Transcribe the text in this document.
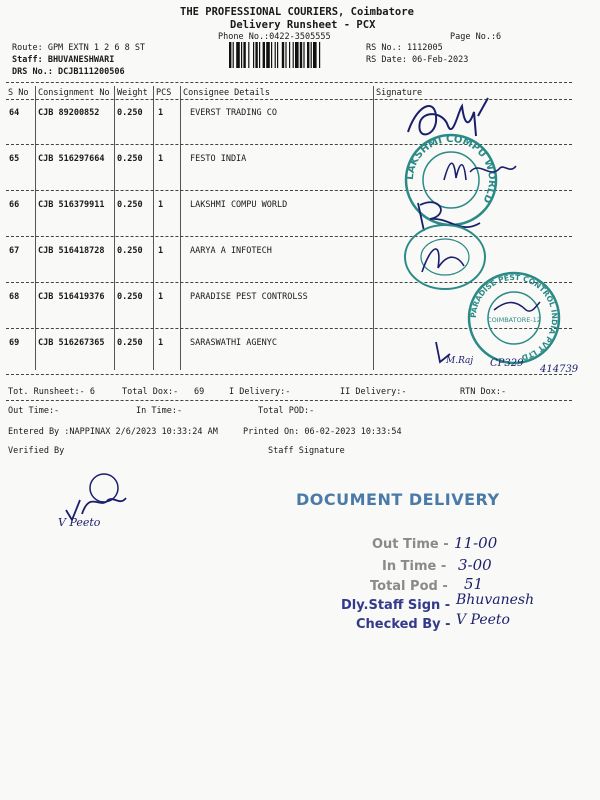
THE PROFESSIONAL COURIERS, Coimbatore
Delivery Runsheet - PCX
Phone No.:0422-3505555	Page No.:6
Route: GPM EXTN 1 2 6 8 ST
Staff: BHUVANESHWARI
DRS No.: DCJB111200506
RS No.: 1112005
RS Date: 06-Feb-2023
S No Consignment No Weight PCS Consignee Details	Signature
64 CJB 89200852 0.250 1	EVERST TRADING CO
65 CJB 516297664 0.250 1	FESTO INDIA
66 CJB 516379911 0.250 1	LAKSHMI COMPU WORLD
67 CJB 516418728 0.250 1	AARYA A INFOTECH
68 CJB 516419376 0.250 1	PARADISE PEST CONTROLSS
69 CJB 516267365 0.250 1	SARASWATHI AGENYC
LAKSHMI COMPU WORLD
PARADISE PEST CONTROL INDIA PVT LTD
COIMBATORE-12
M.Raj CP329
414739
Tot. Runsheet:- 6	Total Dox:- 69	I Delivery:-	II Delivery:-	RTN Dox:-
Out Time:-	In Time:-	Total POD:-
Entered By :NAPPINAX 2/6/2023 10:33:24 AM	Printed On: 06-02-2023 10:33:54
Verified By	Staff Signature
V Peeto
DOCUMENT DELIVERY
Out Time - 11-00
In Time - 3-00
Total Pod - 51
Dly.Staff Sign - Bhuvanesh
Checked By - V Peeto
